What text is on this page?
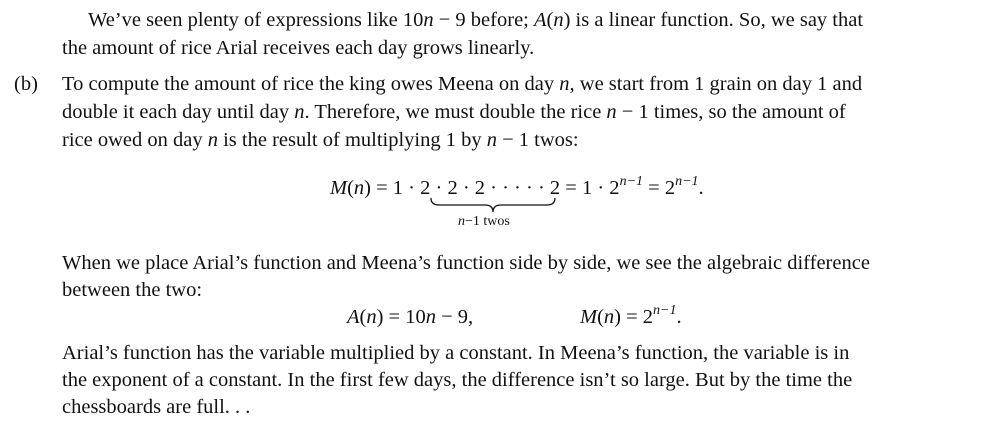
We’ve seen plenty of expressions like 10n − 9 before; A(n) is a linear function. So, we say that
the amount of rice Arial receives each day grows linearly.
(b) To compute the amount of rice the king owes Meena on day n, we start from 1 grain on day 1 and
double it each day until day n. Therefore, we must double the rice n − 1 times, so the amount of
rice owed on day n is the result of multiplying 1 by n − 1 twos:
M(n) = 1 · 2 · 2 · 2 · · · · · $2 = 1 \cdot 2^{n-1} = 2^{n-1}$.
n−1 twos
When we place Arial’s function and Meena’s function side by side, we see the algebraic difference
between the two:
A(n) = 10n − 9,	$M(n) = 2^{n-1}$.
Arial’s function has the variable multiplied by a constant. In Meena’s function, the variable is in
the exponent of a constant. In the first few days, the difference isn’t so large. But by the time the
chessboards are full. . .
